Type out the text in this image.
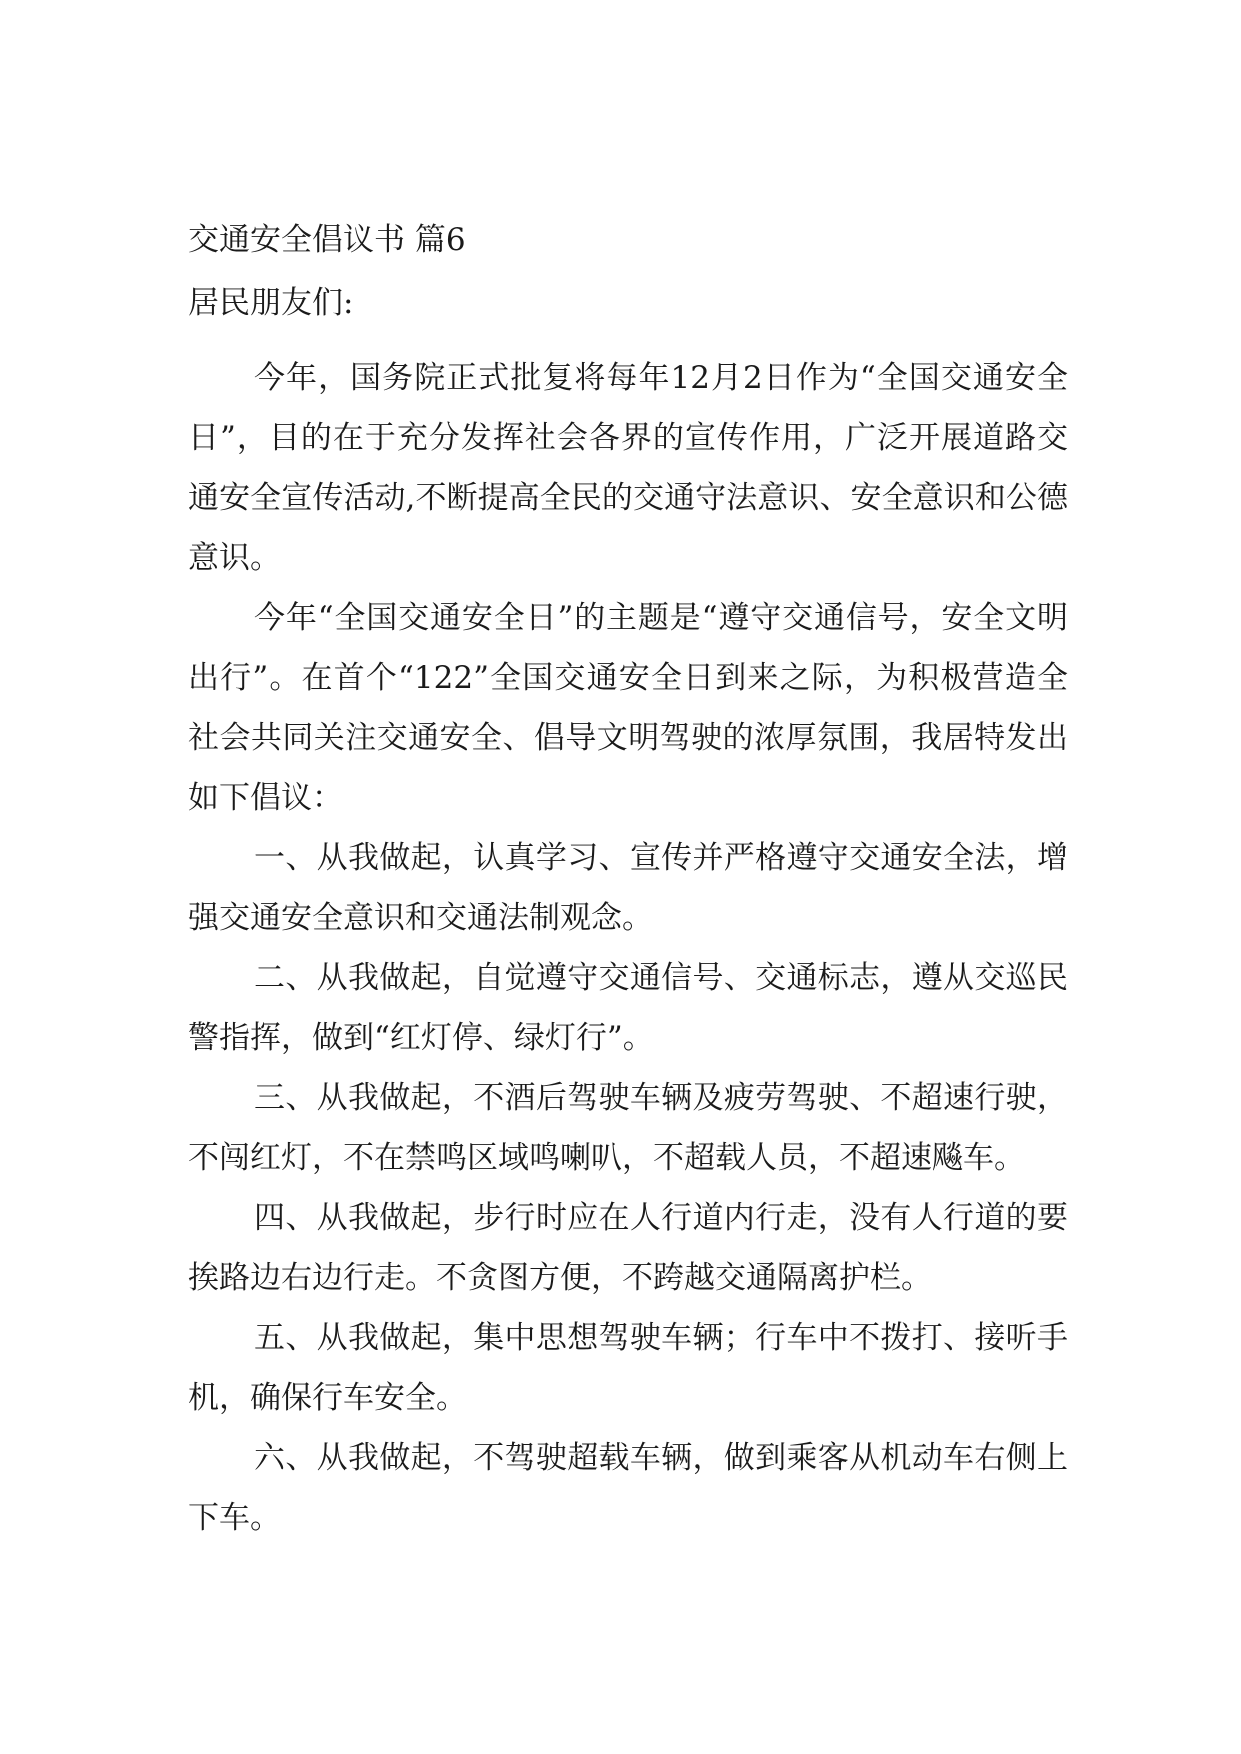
交通安全倡议书 篇6

居民朋友们:

今年，国务院正式批复将每年12月2日作为“全国交通安全日”，目的在于充分发挥社会各界的宣传作用，广泛开展道路交通安全宣传活动,不断提高全民的交通守法意识、安全意识和公德意识。

今年“全国交通安全日”的主题是“遵守交通信号，安全文明出行”。在首个“122”全国交通安全日到来之际，为积极营造全社会共同关注交通安全、倡导文明驾驶的浓厚氛围，我居特发出如下倡议：

一、从我做起，认真学习、宣传并严格遵守交通安全法，增强交通安全意识和交通法制观念。

二、从我做起，自觉遵守交通信号、交通标志，遵从交巡民警指挥，做到“红灯停、绿灯行”。

三、从我做起，不酒后驾驶车辆及疲劳驾驶、不超速行驶，不闯红灯，不在禁鸣区域鸣喇叭，不超载人员，不超速飚车。

四、从我做起，步行时应在人行道内行走，没有人行道的要挨路边右边行走。不贪图方便，不跨越交通隔离护栏。

五、从我做起，集中思想驾驶车辆；行车中不拨打、接听手机，确保行车安全。

六、从我做起，不驾驶超载车辆，做到乘客从机动车右侧上下车。
